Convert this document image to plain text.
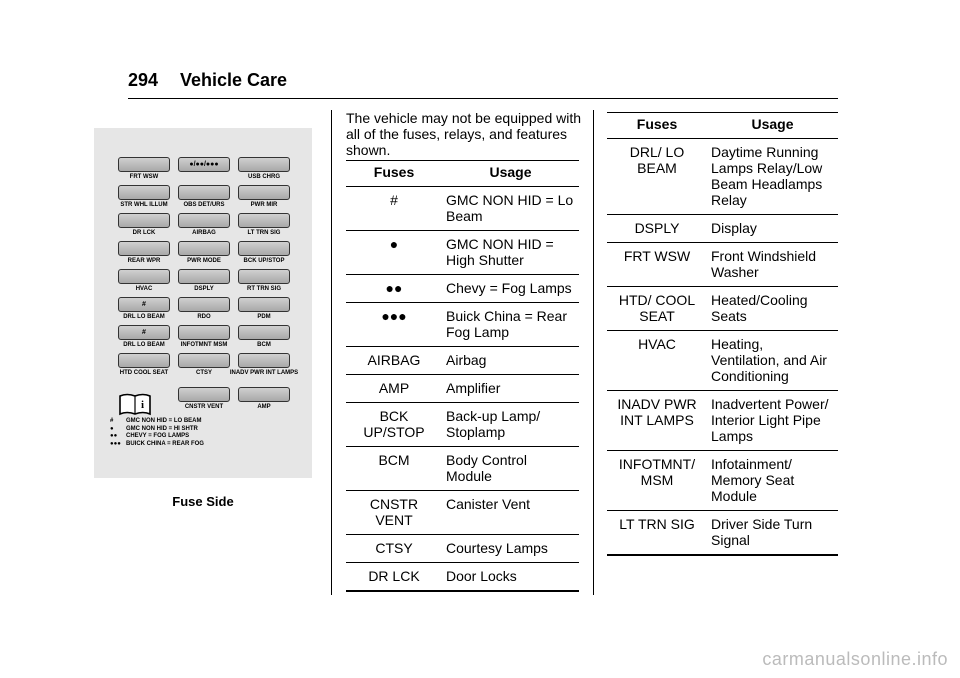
294 Vehicle Care
i
# GMC NON HID = LO BEAM
● GMC NON HID = HI SHTR
●● CHEVY = FOG LAMPS
●●● BUICK CHINA = REAR FOG
Fuse Side
The vehicle may not be equipped with all of the fuses, relays, and features shown.
Fuses	Usage
#	GMC NON HID = Lo Beam
●	GMC NON HID = High Shutter
●●	Chevy = Fog Lamps
●●●	Buick China = Rear Fog Lamp
AIRBAG	Airbag
AMP	Amplifier
BCK UP/STOP	Back-up Lamp/ Stoplamp
BCM	Body Control Module
CNSTR VENT	Canister Vent
CTSY	Courtesy Lamps
DR LCK	Door Locks
Fuses	Usage
DRL/ LO BEAM	Daytime Running Lamps Relay/Low Beam Headlamps Relay
DSPLY	Display
FRT WSW	Front Windshield Washer
HTD/ COOL SEAT	Heated/Cooling Seats
HVAC	Heating, Ventilation, and Air Conditioning
INADV PWR INT LAMPS	Inadvertent Power/ Interior Light Pipe Lamps
INFOTMNT/ MSM	Infotainment/ Memory Seat Module
LT TRN SIG	Driver Side Turn Signal
carmanualsonline.info
FRT WSW
●/●●/●●●
USB CHRG
STR WHL ILLUM	OBS DET/URS	PWR MIR
DR LCK	AIRBAG	LT TRN SIG
REAR WPR	PWR MODE	BCK UP/STOP
HVAC	DSPLY	RT TRN SIG
#
DRL LO BEAM	RDO	PDM
#
DRL LO BEAM	INFOTMNT MSM	BCM
HTD COOL SEAT	CTSY	INADV PWR INT LAMPS
CNSTR VENT	AMP
